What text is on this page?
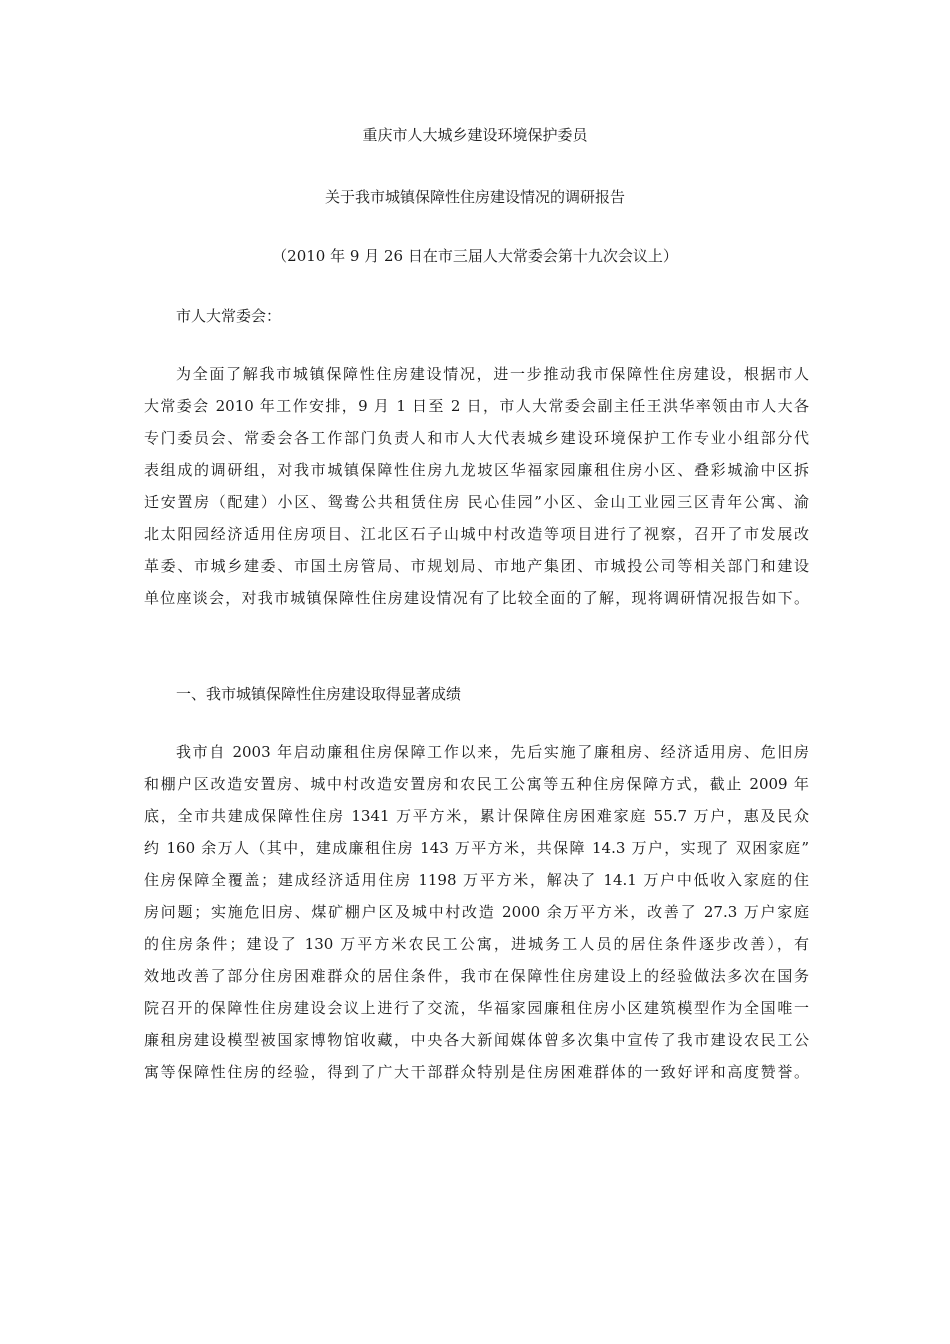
重庆市人大城乡建设环境保护委员
关于我市城镇保障性住房建设情况的调研报告
（2010 年 9 月 26 日在市三届人大常委会第十九次会议上）
市人大常委会：
为全面了解我市城镇保障性住房建设情况，进一步推动我市保障性住房建设，根据市人
大常委会 2010 年工作安排，9 月 1 日至 2 日，市人大常委会副主任王洪华率领由市人大各
专门委员会、常委会各工作部门负责人和市人大代表城乡建设环境保护工作专业小组部分代
表组成的调研组，对我市城镇保障性住房九龙坡区华福家园廉租住房小区、叠彩城渝中区拆
迁安置房（配建）小区、鸳鸯公共租赁住房 民心佳园”小区、金山工业园三区青年公寓、渝
北太阳园经济适用住房项目、江北区石子山城中村改造等项目进行了视察，召开了市发展改
革委、市城乡建委、市国土房管局、市规划局、市地产集团、市城投公司等相关部门和建设
单位座谈会，对我市城镇保障性住房建设情况有了比较全面的了解，现将调研情况报告如下。
一、我市城镇保障性住房建设取得显著成绩
我市自 2003 年启动廉租住房保障工作以来，先后实施了廉租房、经济适用房、危旧房
和棚户区改造安置房、城中村改造安置房和农民工公寓等五种住房保障方式，截止 2009 年
底，全市共建成保障性住房 1341 万平方米，累计保障住房困难家庭 55.7 万户，惠及民众
约 160 余万人（其中，建成廉租住房 143 万平方米，共保障 14.3 万户，实现了 双困家庭”
住房保障全覆盖；建成经济适用住房 1198 万平方米，解决了 14.1 万户中低收入家庭的住
房问题；实施危旧房、煤矿棚户区及城中村改造 2000 余万平方米，改善了 27.3 万户家庭
的住房条件；建设了 130 万平方米农民工公寓，进城务工人员的居住条件逐步改善），有
效地改善了部分住房困难群众的居住条件，我市在保障性住房建设上的经验做法多次在国务
院召开的保障性住房建设会议上进行了交流，华福家园廉租住房小区建筑模型作为全国唯一
廉租房建设模型被国家博物馆收藏，中央各大新闻媒体曾多次集中宣传了我市建设农民工公
寓等保障性住房的经验，得到了广大干部群众特别是住房困难群体的一致好评和高度赞誉。
